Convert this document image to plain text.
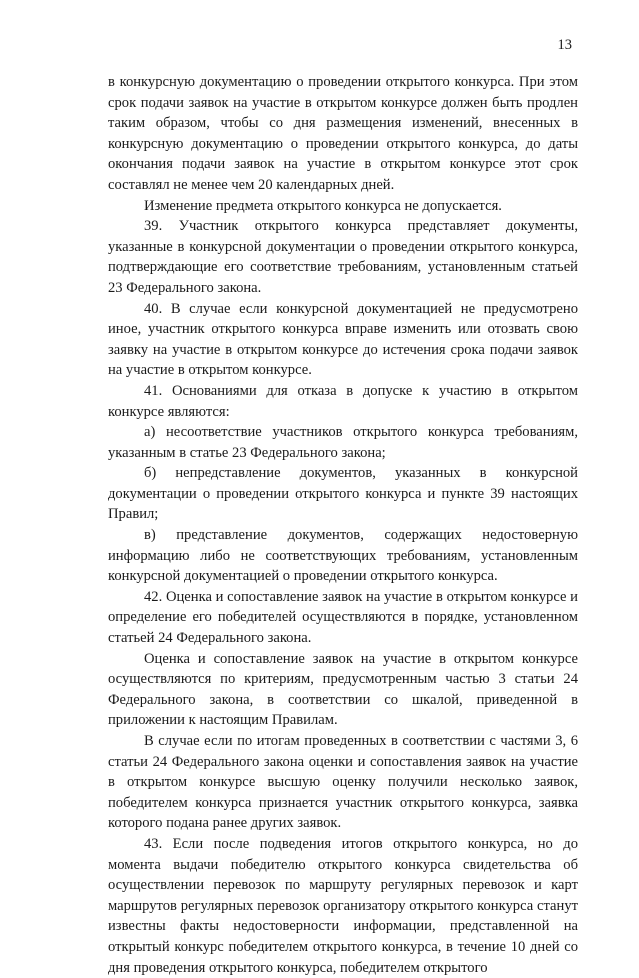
13

в конкурсную документацию о проведении открытого конкурса. При этом срок подачи заявок на участие в открытом конкурсе должен быть продлен таким образом, чтобы со дня размещения изменений, внесенных в конкурсную документацию о проведении открытого конкурса, до даты окончания подачи заявок на участие в открытом конкурсе этот срок составлял не менее чем 20 календарных дней.

Изменение предмета открытого конкурса не допускается.

39. Участник открытого конкурса представляет документы, указанные в конкурсной документации о проведении открытого конкурса, подтверждающие его соответствие требованиям, установленным статьей 23 Федерального закона.

40. В случае если конкурсной документацией не предусмотрено иное, участник открытого конкурса вправе изменить или отозвать свою заявку на участие в открытом конкурсе до истечения срока подачи заявок на участие в открытом конкурсе.

41. Основаниями для отказа в допуске к участию в открытом конкурсе являются:

а) несоответствие участников открытого конкурса требованиям, указанным в статье 23 Федерального закона;

б) непредставление документов, указанных в конкурсной документации о проведении открытого конкурса и пункте 39 настоящих Правил;

в) представление документов, содержащих недостоверную информацию либо не соответствующих требованиям, установленным конкурсной документацией о проведении открытого конкурса.

42. Оценка и сопоставление заявок на участие в открытом конкурсе и определение его победителей осуществляются в порядке, установленном статьей 24 Федерального закона.

Оценка и сопоставление заявок на участие в открытом конкурсе осуществляются по критериям, предусмотренным частью 3 статьи 24 Федерального закона, в соответствии со шкалой, приведенной в приложении к настоящим Правилам.

В случае если по итогам проведенных в соответствии с частями 3, 6 статьи 24 Федерального закона оценки и сопоставления заявок на участие в открытом конкурсе высшую оценку получили несколько заявок, победителем конкурса признается участник открытого конкурса, заявка которого подана ранее других заявок.

43. Если после подведения итогов открытого конкурса, но до момента выдачи победителю открытого конкурса свидетельства об осуществлении перевозок по маршруту регулярных перевозок и карт маршрутов регулярных перевозок организатору открытого конкурса станут известны факты недостоверности информации, представленной на открытый конкурс победителем открытого конкурса, в течение 10 дней со дня проведения открытого конкурса, победителем открытого
